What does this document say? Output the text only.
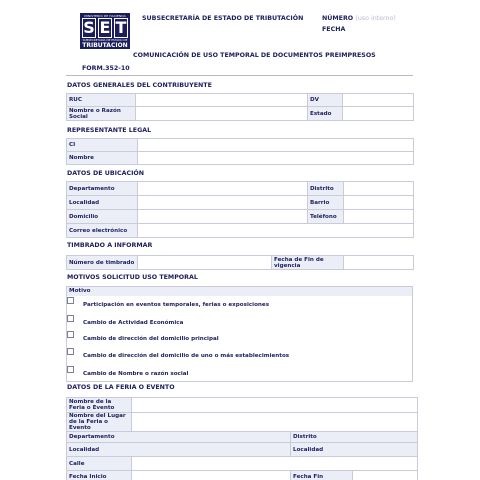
MINISTERIO DE HACIENDA
S E T
SUBSECRETARÍA DE ESTADO DE
TRIBUTACION
SUBSECRETARÍA DE ESTADO DE TRIBUTACIÓN	NÚMERO (uso interno)
FECHA
COMUNICACIÓN DE USO TEMPORAL DE DOCUMENTOS PREIMPRESOS
FORM.352-10
DATOS GENERALES DEL CONTRIBUYENTE
RUC		DV	
Nombre o Razón Social		Estado	
REPRESENTANTE LEGAL
CI	
Nombre	
DATOS DE UBICACIÓN
Departamento		Distrito	
Localidad		Barrio	
Domicilio		Teléfono	
Correo electrónico			
TIMBRADO A INFORMAR
Número de timbrado		Fecha de Fin de vigencia	
MOTIVOS SOLICITUD USO TEMPORAL
Motivo
Participación en eventos temporales, ferias o exposiciones
Cambio de Actividad Económica
Cambio de dirección del domicilio principal
Cambio de dirección del domicilio de uno o más establecimientos
Cambio de Nombre o razón social
DATOS DE LA FERIA O EVENTO
Nombre de la Feria o Evento			
Nombre del Lugar de la Feria o Evento			
Departamento		Distrito	
Localidad		Localidad	
Calle			
Fecha Inicio		Fecha Fin	
